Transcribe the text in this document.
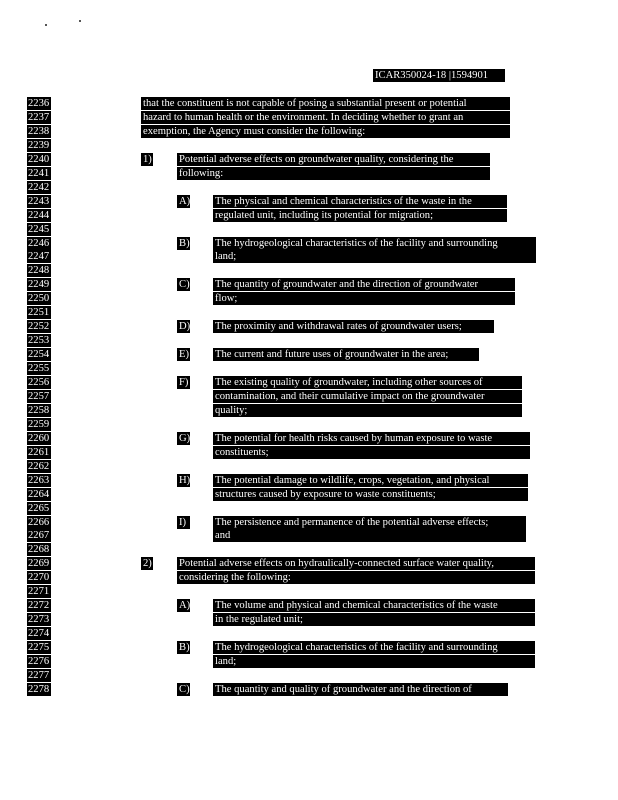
ICAR350024-18 |1594901
2236
2237
2238
2239
2240
2241
2242
2243
2244
2245
2246
2247
2248
2249
2250
2251
2252
2253
2254
2255
2256
2257
2258
2259
2260
2261
2262
2263
2264
2265
2266
2267
2268
2269
2270
2271
2272
2273
2274
2275
2276
2277
2278
that the constituent is not capable of posing a substantial present or potential
hazard to human health or the environment. In deciding whether to grant an
exemption, the Agency must consider the following:
1)	Potential adverse effects on groundwater quality, considering the
following:
A) The physical and chemical characteristics of the waste in the
regulated unit, including its potential for migration;
B) The hydrogeological characteristics of the facility and surrounding
land;
C) The quantity of groundwater and the direction of groundwater
flow;
D) The proximity and withdrawal rates of groundwater users;
E) The current and future uses of groundwater in the area;
F)	The existing quality of groundwater, including other sources of
contamination, and their cumulative impact on the groundwater
quality;
G) The potential for health risks caused by human exposure to waste
constituents;
H) The potential damage to wildlife, crops, vegetation, and physical
structures caused by exposure to waste constituents;
I)	The persistence and permanence of the potential adverse effects;
and
2)	Potential adverse effects on hydraulically-connected surface water quality,
considering the following:
A) The volume and physical and chemical characteristics of the waste
in the regulated unit;
B) The hydrogeological characteristics of the facility and surrounding
land;
C) The quantity and quality of groundwater and the direction of
